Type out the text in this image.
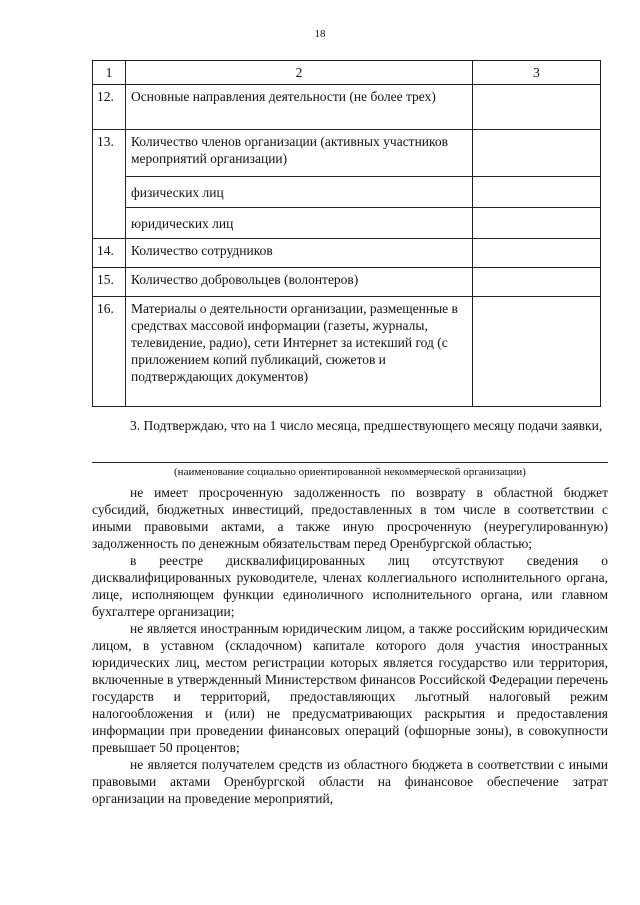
18
1	2	3
12.	Основные направления деятельности (не более трех)	
13.	Количество членов организации (активных участников мероприятий организации)	
	физических лиц	
	юридических лиц	
14.	Количество сотрудников	
15.	Количество добровольцев (волонтеров)	
16.	Материалы о деятельности организации, размещенные в средствах массовой информации (газеты, журналы, телевидение, радио), сети Интернет за истекший год (с приложением копий публикаций, сюжетов и подтверждающих документов)	
3. Подтверждаю, что на 1 число месяца, предшествующего месяцу подачи заявки,
(наименование социально ориентированной некоммерческой организации)

не имеет просроченную задолженность по возврату в областной бюджет субсидий, бюджетных инвестиций, предоставленных в том числе в соответствии с иными правовыми актами, а также иную просроченную (неурегулированную) задолженность по денежным обязательствам перед Оренбургской областью;

в реестре дисквалифицированных лиц отсутствуют сведения о дисквалифицированных руководителе, членах коллегиального исполнительного органа, лице, исполняющем функции единоличного исполнительного органа, или главном бухгалтере организации;

не является иностранным юридическим лицом, а также российским юридическим лицом, в уставном (складочном) капитале которого доля участия иностранных юридических лиц, местом регистрации которых является государство или территория, включенные в утвержденный Министерством финансов Российской Федерации перечень государств и территорий, предоставляющих льготный налоговый режим налогообложения и (или) не предусматривающих раскрытия и предоставления информации при проведении финансовых операций (офшорные зоны), в совокупности превышает 50 процентов;

не является получателем средств из областного бюджета в соответствии с иными правовыми актами Оренбургской области на финансовое обеспечение затрат организации на проведение мероприятий,
